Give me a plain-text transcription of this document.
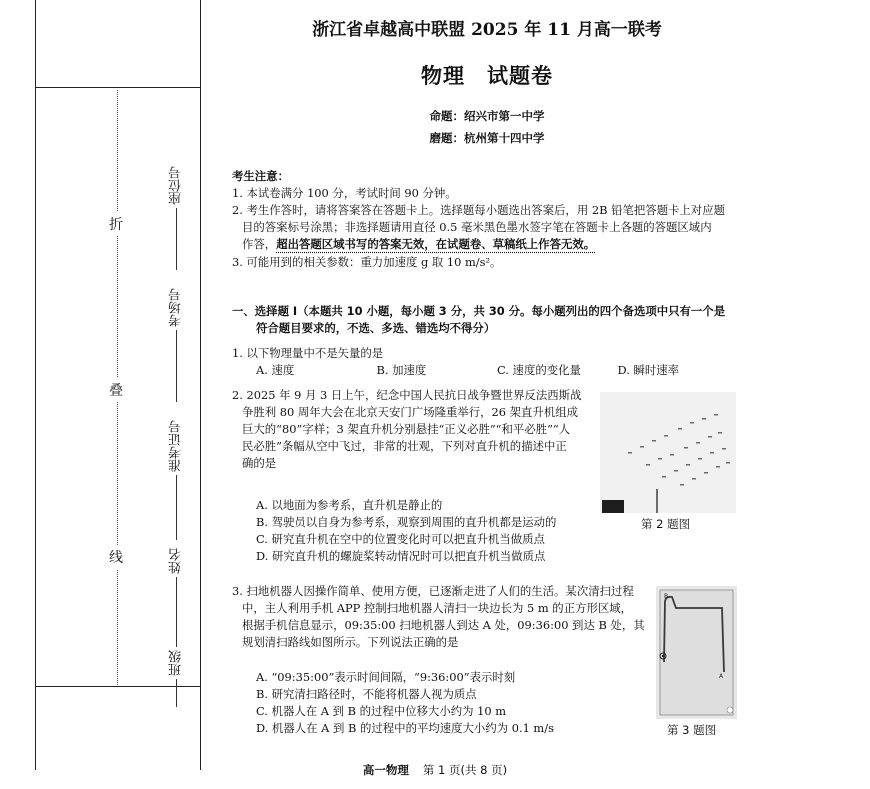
折
叠
线
座位号
考场号
准考证号
姓名
班级
浙江省卓越高中联盟 2025 年 11 月高一联考
物理　试题卷
命题：绍兴市第一中学
磨题：杭州第十四中学
考生注意：
1. 本试卷满分 100 分，考试时间 90 分钟。
2. 考生作答时，请将答案答在答题卡上。选择题每小题选出答案后，用 2B 铅笔把答题卡上对应题
目的答案标号涂黑；非选择题请用直径 0.5 毫米黑色墨水签字笔在答题卡上各题的答题区域内
作答，超出答题区域书写的答案无效，在试题卷、草稿纸上作答无效。
3. 可能用到的相关参数：重力加速度 g 取 10 m/s²。
一、选择题 Ⅰ（本题共 10 小题，每小题 3 分，共 30 分。每小题列出的四个备选项中只有一个是
符合题目要求的，不选、多选、错选均不得分）
1. 以下物理量中不是矢量的是
A. 速度	B. 加速度	C. 速度的变化量	D. 瞬时速率
2. 2025 年 9 月 3 日上午，纪念中国人民抗日战争暨世界反法西斯战
争胜利 80 周年大会在北京天安门广场隆重举行，26 架直升机组成
巨大的“80”字样；3 架直升机分别悬挂“正义必胜”“和平必胜”“人
民必胜”条幅从空中飞过，非常的壮观，下列对直升机的描述中正
确的是
A. 以地面为参考系，直升机是静止的
B. 驾驶员以自身为参考系，观察到周围的直升机都是运动的
C. 研究直升机在空中的位置变化时可以把直升机当做质点
D. 研究直升机的螺旋桨转动情况时可以把直升机当做质点
3. 扫地机器人因操作简单、使用方便，已逐渐走进了人们的生活。某次清扫过程
中，主人利用手机 APP 控制扫地机器人清扫一块边长为 5 m 的正方形区域，
根据手机信息显示，09:35:00 扫地机器人到达 A 处，09:36:00 到达 B 处，其
规划清扫路线如图所示。下列说法正确的是
A. “09:35:00”表示时间间隔，“9:36:00”表示时刻
B. 研究清扫路径时，不能将机器人视为质点
C. 机器人在 A 到 B 的过程中位移大小约为 10 m
D. 机器人在 A 到 B 的过程中的平均速度大小约为 0.1 m/s
第 2 题图
B
A
第 3 题图
高一物理 第 1 页(共 8 页)
